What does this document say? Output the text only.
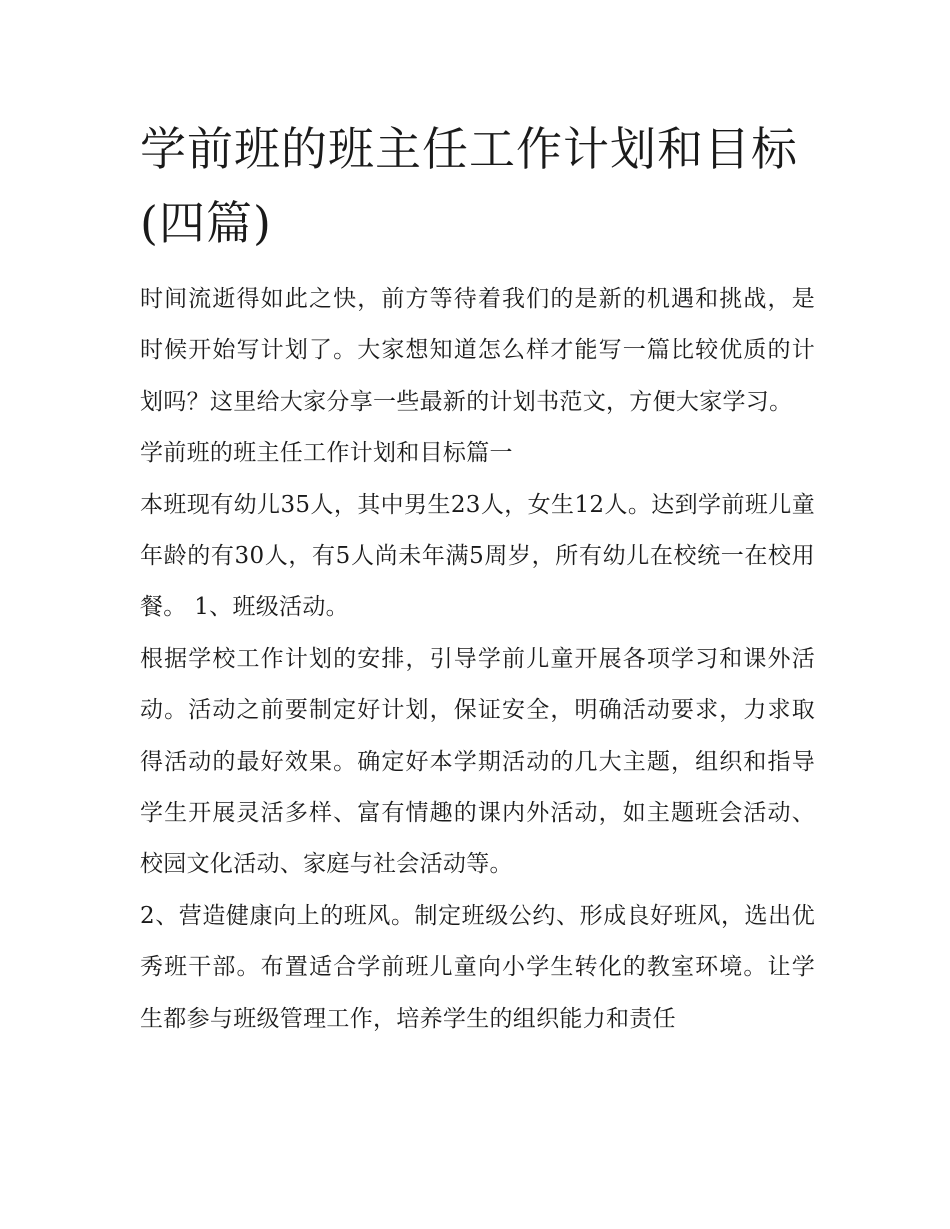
学前班的班主任工作计划和目标(四篇)

时间流逝得如此之快，前方等待着我们的是新的机遇和挑战，是时候开始写计划了。大家想知道怎么样才能写一篇比较优质的计划吗？这里给大家分享一些最新的计划书范文，方便大家学习。

学前班的班主任工作计划和目标篇一

本班现有幼儿35人，其中男生23人，女生12人。达到学前班儿童年龄的有30人，有5人尚未年满5周岁，所有幼儿在校统一在校用餐。 1、班级活动。

根据学校工作计划的安排，引导学前儿童开展各项学习和课外活动。活动之前要制定好计划，保证安全，明确活动要求，力求取得活动的最好效果。确定好本学期活动的几大主题，组织和指导学生开展灵活多样、富有情趣的课内外活动，如主题班会活动、校园文化活动、家庭与社会活动等。

2、营造健康向上的班风。制定班级公约、形成良好班风，选出优秀班干部。布置适合学前班儿童向小学生转化的教室环境。让学生都参与班级管理工作，培养学生的组织能力和责任
